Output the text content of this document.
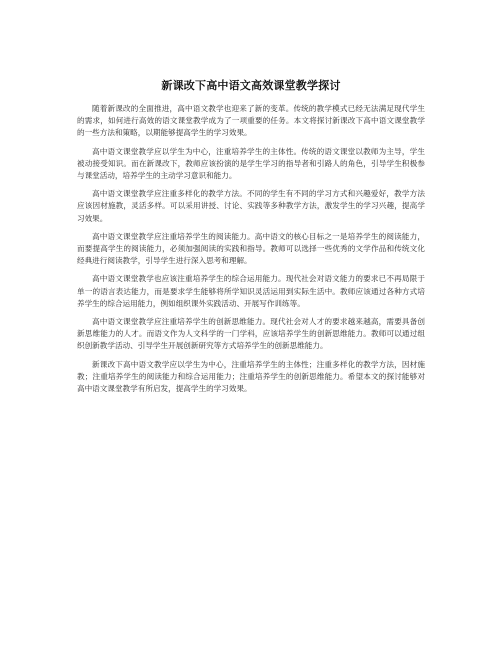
新课改下高中语文高效课堂教学探讨

随着新课改的全面推进，高中语文教学也迎来了新的变革。传统的教学模式已经无法满足现代学生的需求，如何进行高效的语文课堂教学成为了一项重要的任务。本文将探讨新课改下高中语文课堂教学的一些方法和策略，以期能够提高学生的学习效果。

高中语文课堂教学应以学生为中心，注重培养学生的主体性。传统的语文课堂以教师为主导，学生被动接受知识。而在新课改下，教师应该扮演的是学生学习的指导者和引路人的角色，引导学生积极参与课堂活动，培养学生的主动学习意识和能力。

高中语文课堂教学应注重多样化的教学方法。不同的学生有不同的学习方式和兴趣爱好，教学方法应该因材施教，灵活多样。可以采用讲授、讨论、实践等多种教学方法，激发学生的学习兴趣，提高学习效果。

高中语文课堂教学应注重培养学生的阅读能力。高中语文的核心目标之一是培养学生的阅读能力，而要提高学生的阅读能力，必须加强阅读的实践和指导。教师可以选择一些优秀的文学作品和传统文化经典进行阅读教学，引导学生进行深入思考和理解。

高中语文课堂教学也应该注重培养学生的综合运用能力。现代社会对语文能力的要求已不再局限于单一的语言表达能力，而是要求学生能够将所学知识灵活运用到实际生活中。教师应该通过各种方式培养学生的综合运用能力，例如组织课外实践活动、开展写作训练等。

高中语文课堂教学应注重培养学生的创新思维能力。现代社会对人才的要求越来越高，需要具备创新思维能力的人才。而语文作为人文科学的一门学科，应该培养学生的创新思维能力。教师可以通过组织创新教学活动、引导学生开展创新研究等方式培养学生的创新思维能力。

新课改下高中语文教学应以学生为中心，注重培养学生的主体性；注重多样化的教学方法，因材施教；注重培养学生的阅读能力和综合运用能力；注重培养学生的创新思维能力。希望本文的探讨能够对高中语文课堂教学有所启发，提高学生的学习效果。
